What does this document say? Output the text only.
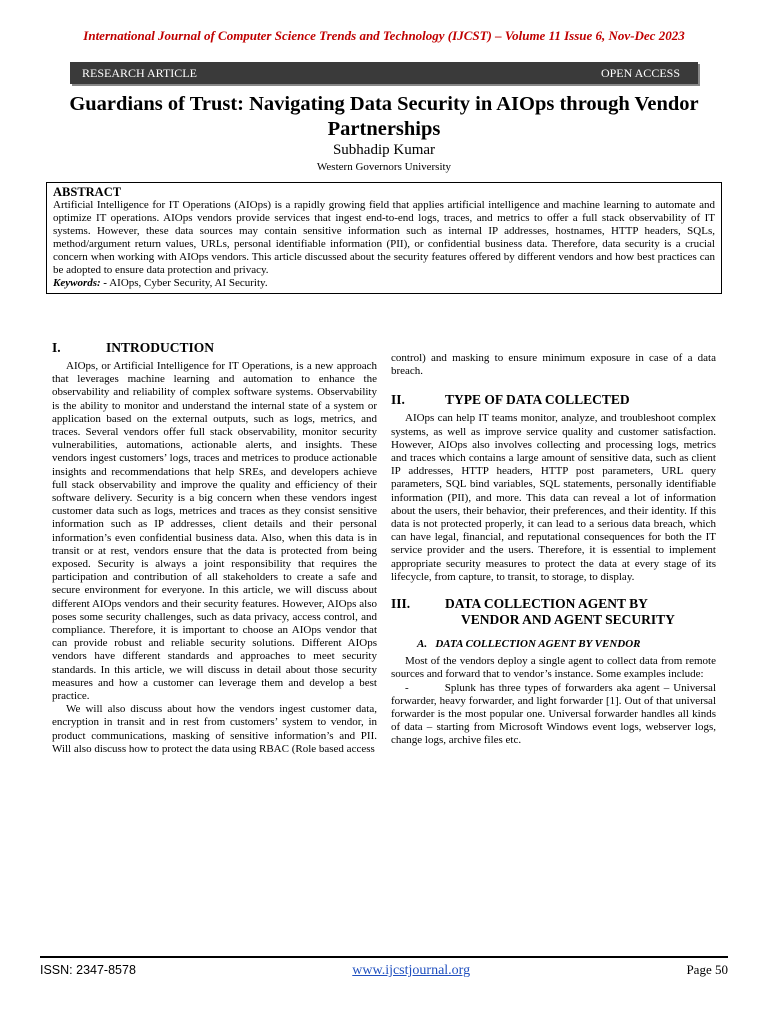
International Journal of Computer Science Trends and Technology (IJCST) – Volume 11 Issue 6, Nov-Dec 2023
RESEARCH ARTICLE	OPEN ACCESS
Guardians of Trust: Navigating Data Security in AIOps through Vendor Partnerships
Subhadip Kumar
Western Governors University
ABSTRACT
Artificial Intelligence for IT Operations (AIOps) is a rapidly growing field that applies artificial intelligence and machine learning to automate and optimize IT operations. AIOps vendors provide services that ingest end-to-end logs, traces, and metrics to offer a full stack observability of IT systems. However, these data sources may contain sensitive information such as internal IP addresses, hostnames, HTTP headers, SQLs, method/argument return values, URLs, personal identifiable information (PII), or confidential business data. Therefore, data security is a crucial concern when working with AIOps vendors. This article discussed about the security features offered by different vendors and how best practices can be adopted to ensure data protection and privacy.
Keywords: - AIOps, Cyber Security, AI Security.
I.	INTRODUCTION

AIOps, or Artificial Intelligence for IT Operations, is a new approach that leverages machine learning and automation to enhance the observability and reliability of complex software systems. Observability is the ability to monitor and understand the internal state of a system or application based on the external outputs, such as logs, metrics, and traces. Several vendors offer full stack observability, monitor security vulnerabilities, automations, actionable alerts, and insights. These vendors ingest customers’ logs, traces and metrices to produce actionable insights and recommendations that help SREs, and developers achieve full stack observability and improve the quality and efficiency of their software delivery. Security is a big concern when these vendors ingest customer data such as logs, metrices and traces as they consist sensitive information such as IP addresses, client details and their personal information’s even confidential business data. Also, when this data is in transit or at rest, vendors ensure that the data is protected from being exposed. Security is always a joint responsibility that requires the participation and contribution of all stakeholders to create a safe and secure environment for everyone. In this article, we will discuss about different AIOps vendors and their security features. However, AIOps also poses some security challenges, such as data privacy, access control, and compliance. Therefore, it is important to choose an AIOps vendor that can provide robust and reliable security solutions. Different AIOps vendors have different standards and approaches to meet security standards. In this article, we will discuss in detail about those security measures and how a customer can leverage them and develop a best practice.

We will also discuss about how the vendors ingest customer data, encryption in transit and in rest from customers’ system to vendor, in product communications, masking of sensitive information’s and PII. Will also discuss how to protect the data using RBAC (Role based access

control) and masking to ensure minimum exposure in case of a data breach.

II.	TYPE OF DATA COLLECTED

AIOps can help IT teams monitor, analyze, and troubleshoot complex systems, as well as improve service quality and customer satisfaction. However, AIOps also involves collecting and processing logs, metrics and traces which contains a large amount of sensitive data, such as client IP addresses, HTTP headers, HTTP post parameters, URL query parameters, SQL bind variables, SQL statements, personally identifiable information (PII), and more. This data can reveal a lot of information about the users, their behavior, their preferences, and their identity. If this data is not protected properly, it can lead to a serious data breach, which can have legal, financial, and reputational consequences for both the IT service provider and the users. Therefore, it is essential to implement appropriate security measures to protect the data at every stage of its lifecycle, from capture, to transit, to storage, to display.

III.	DATA COLLECTION AGENT BY
VENDOR AND AGENT SECURITY
A. DATA COLLECTION AGENT BY VENDOR

Most of the vendors deploy a single agent to collect data from remote sources and forward that to vendor’s instance. Some examples include:

-         Splunk has three types of forwarders aka agent – Universal forwarder, heavy forwarder, and light forwarder [1]. Out of that universal forwarder is the most popular one. Universal forwarder handles all kinds of data – starting from Microsoft Windows event logs, webserver logs, change logs, archive files etc.

ISSN: 2347-8578	www.ijcstjournal.org	Page 50
